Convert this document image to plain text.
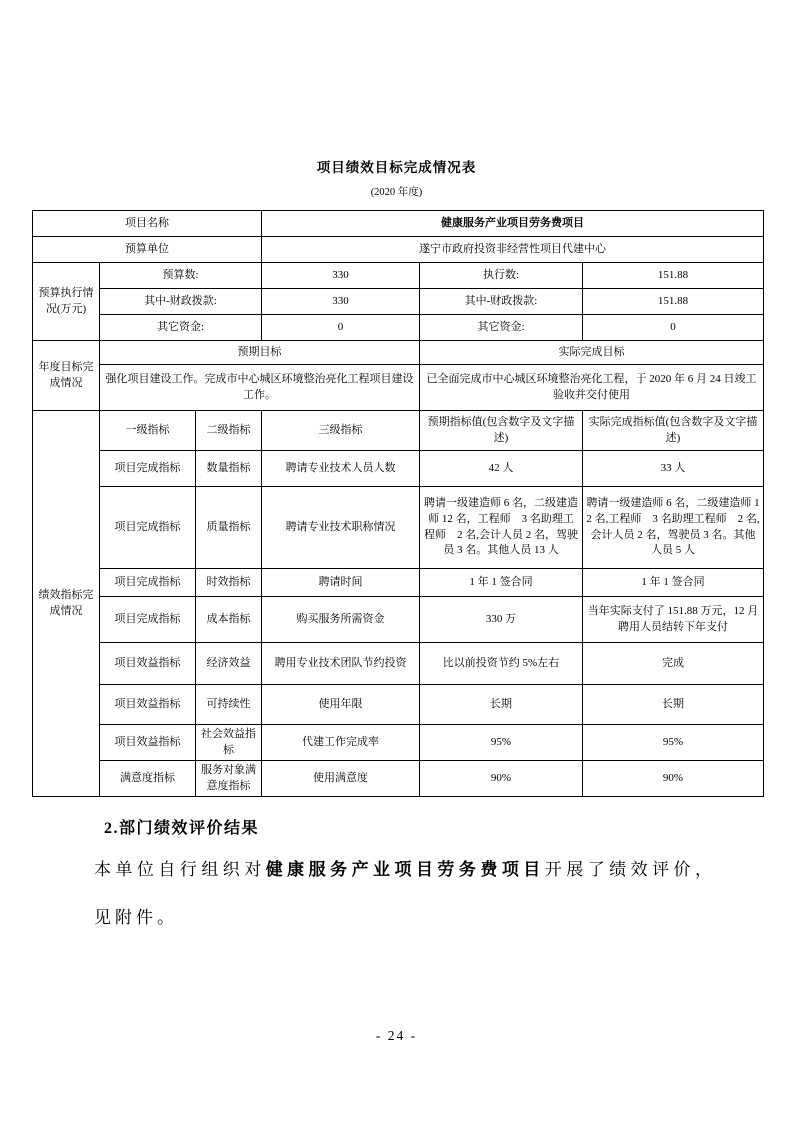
项目绩效目标完成情况表
(2020 年度)
项目名称			健康服务产业项目劳务费项目		
预算单位			遂宁市政府投资非经营性项目代建中心		
预算执行情况(万元)	预算数:		330	执行数:	151.88
	其中-财政拨款:		330	其中-财政拨款:	151.88
	其它资金:		0	其它资金:	0
年度目标完成情况	预期目标			实际完成目标	
	强化项目建设工作。完成市中心城区环境整治亮化工程项目建设工作。			已全面完成市中心城区环境整治亮化工程，于 2020 年 6 月 24 日竣工验收并交付使用	
绩效指标完成情况	一级指标	二级指标	三级指标	预期指标值(包含数字及文字描述)	实际完成指标值(包含数字及文字描述)
	项目完成指标	数量指标	聘请专业技术人员人数	42 人	33 人
	项目完成指标	质量指标	聘请专业技术职称情况	聘请一级建造师 6 名，二级建造师 12 名，工程师　3 名助理工程师　2 名,会计人员 2 名，驾驶员 3 名。其他人员 13 人	聘请一级建造师 6 名，二级建造师 12 名,工程师　3 名助理工程师　2 名,会计人员 2 名，驾驶员 3 名。其他人员 5 人
	项目完成指标	时效指标	聘请时间	1 年 1 签合同	1 年 1 签合同
	项目完成指标	成本指标	购买服务所需资金	330 万	当年实际支付了 151.88 万元，12 月聘用人员结转下年支付
	项目效益指标	经济效益	聘用专业技术团队节约投资	比以前投资节约 5%左右	完成
	项目效益指标	可持续性	使用年限	长期	长期
	项目效益指标	社会效益指标	代建工作完成率	95%	95%
	满意度指标	服务对象满意度指标	使用满意度	90%	90%
2.部门绩效评价结果
本单位自行组织对健康服务产业项目劳务费项目开展了绩效评价，见附件。
- 24 -
